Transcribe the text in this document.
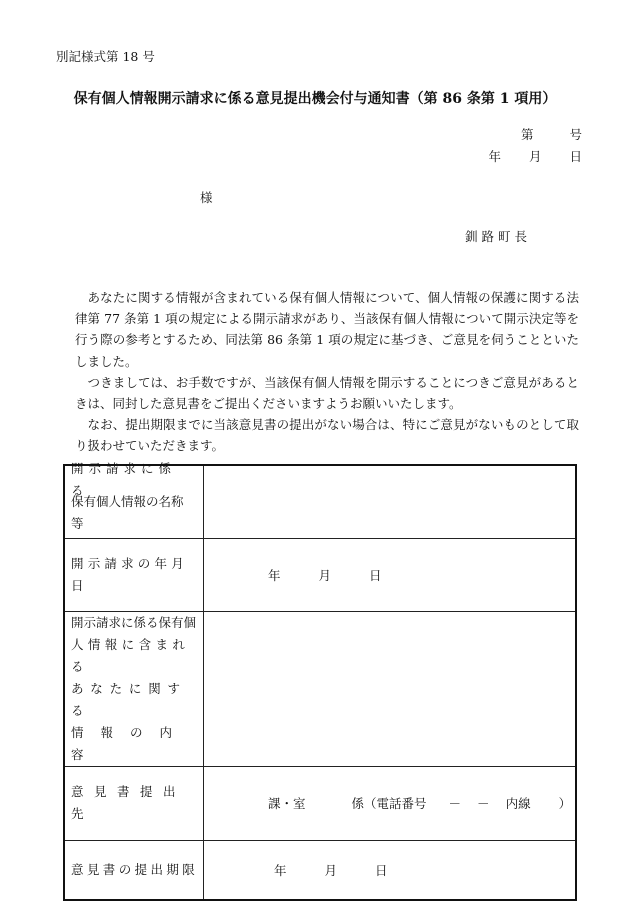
別記様式第 18 号
保有個人情報開示請求に係る意見提出機会付与通知書（第 86 条第 1 項用）
第	号
年 月 日
様
釧 路 町 長

あなたに関する情報が含まれている保有個人情報について、個人情報の保護に関する法律第 77 条第 1 項の規定による開示請求があり、当該保有個人情報について開示決定等を行う際の参考とするため、同法第 86 条第 1 項の規定に基づき、ご意見を伺うことといたしました。

つきましては、お手数ですが、当該保有個人情報を開示することにつきご意見があるときは、同封した意見書をご提出くださいますようお願いいたします。

なお、提出期限までに当該意見書の提出がない場合は、特にご意見がないものとして取り扱わせていただきます。

開示請求に係る
保有個人情報の名称等	

開示請求の年月日	年 月 日

開示請求に係る保有個
人情報に含まれる
あなたに関する
情報の内容	

意見書提出先	課・室 係（電話番号 － － 内線 ）

意見書の提出期限	年 月 日
